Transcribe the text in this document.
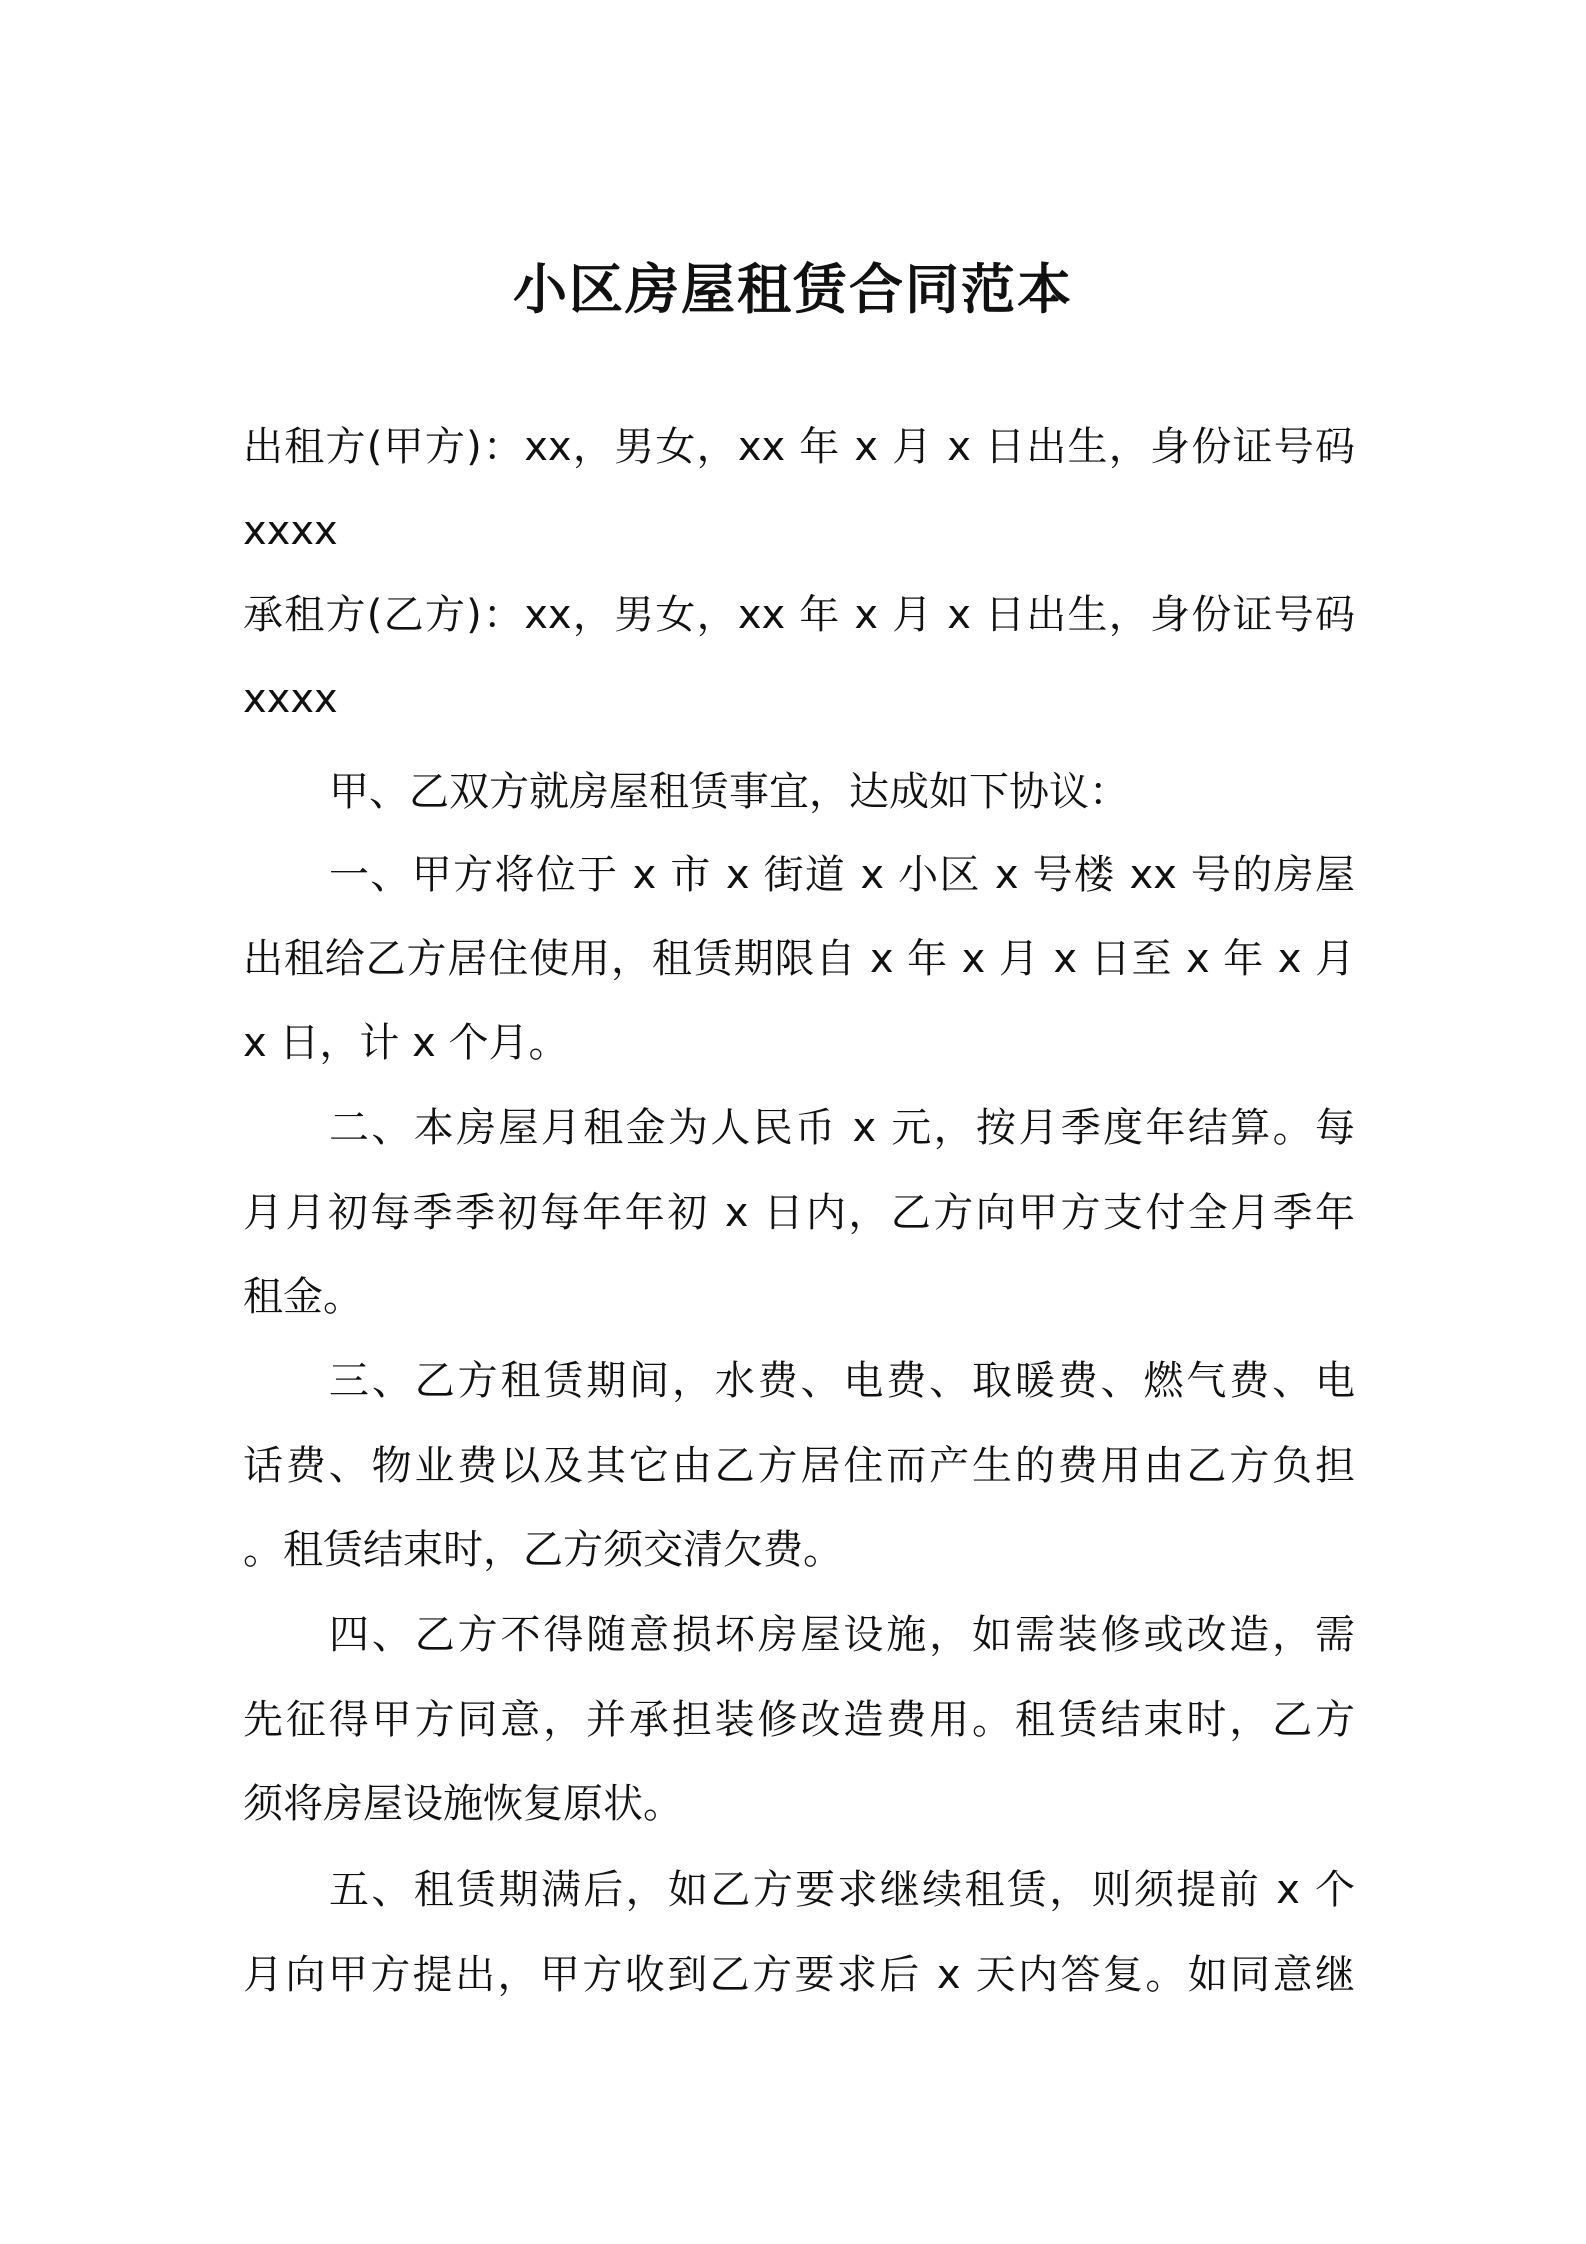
小区房屋租赁合同范本
出租方(甲方)：xx，男女，xx 年 x 月 x 日出生，身份证号码
xxxx
承租方(乙方)：xx，男女，xx 年 x 月 x 日出生，身份证号码
xxxx
甲、乙双方就房屋租赁事宜，达成如下协议：
一、甲方将位于 x 市 x 街道 x 小区 x 号楼 xx 号的房屋
出租给乙方居住使用，租赁期限自 x 年 x 月 x 日至 x 年 x 月
x 日，计 x 个月。
二、本房屋月租金为人民币 x 元，按月季度年结算。每
月月初每季季初每年年初 x 日内，乙方向甲方支付全月季年
租金。
三、乙方租赁期间，水费、电费、取暖费、燃气费、电
话费、物业费以及其它由乙方居住而产生的费用由乙方负担
。租赁结束时，乙方须交清欠费。
四、乙方不得随意损坏房屋设施，如需装修或改造，需
先征得甲方同意，并承担装修改造费用。租赁结束时，乙方
须将房屋设施恢复原状。
五、租赁期满后，如乙方要求继续租赁，则须提前 x 个
月向甲方提出，甲方收到乙方要求后 x 天内答复。如同意继
